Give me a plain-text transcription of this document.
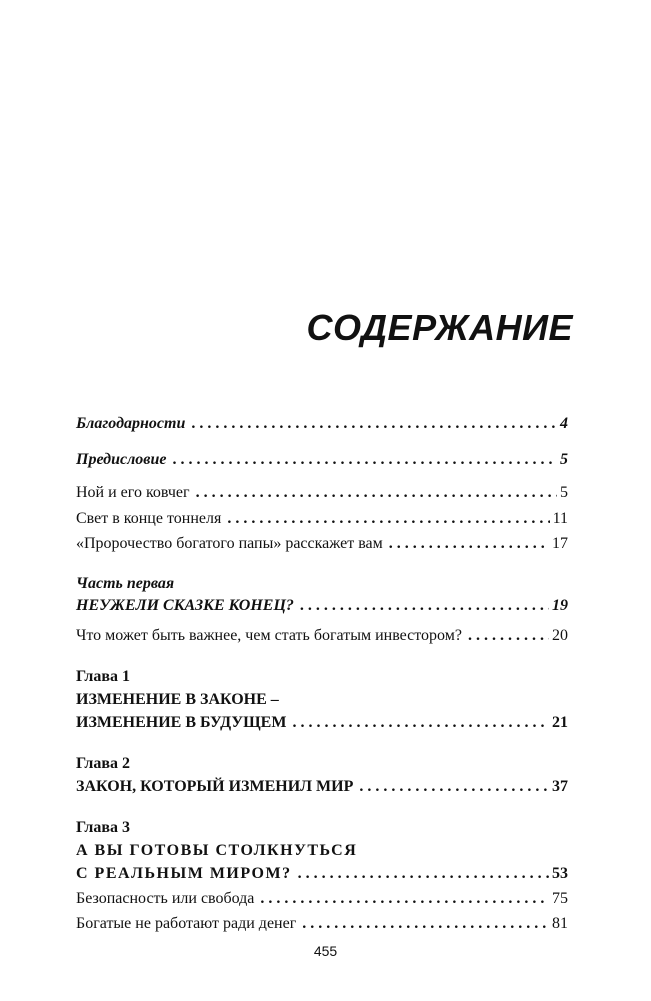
СОДЕРЖАНИЕ
Благодарности . . .	4
Предисловие . . .	5
Ной и его ковчег . . .	5
Свет в конце тоннеля . . .	11
«Пророчество богатого папы» расскажет вам . . .	17
Часть первая
НЕУЖЕЛИ СКАЗКЕ КОНЕЦ? . . .	19
Что может быть важнее, чем стать богатым инвестором? . . .	20
Глава 1
ИЗМЕНЕНИЕ В ЗАКОНЕ –
ИЗМЕНЕНИЕ В БУДУЩЕМ . . .	21
Глава 2
ЗАКОН, КОТОРЫЙ ИЗМЕНИЛ МИР . . .	37
Глава 3
А ВЫ ГОТОВЫ СТОЛКНУТЬСЯ
С РЕАЛЬНЫМ МИРОМ? . . .	53
Безопасность или свобода . . .	75
Богатые не работают ради денег . . .	81
455
